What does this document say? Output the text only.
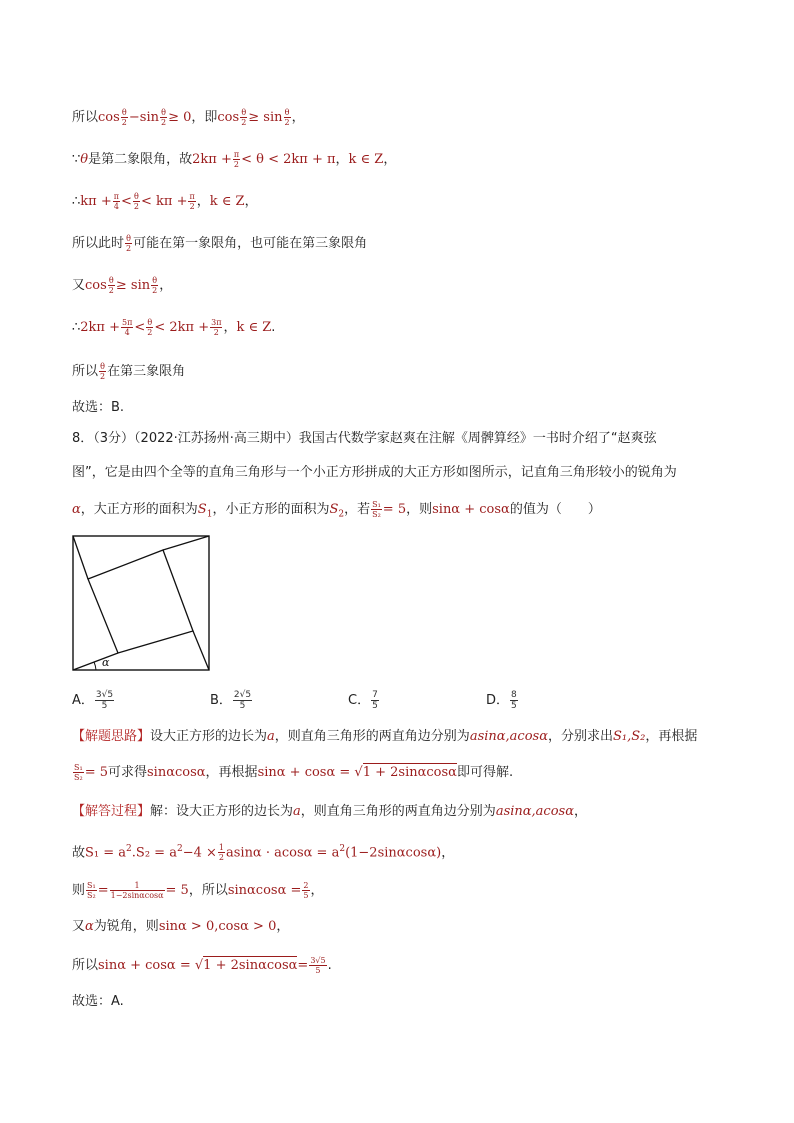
所以$\cos \frac{\theta}{2} -\sin \frac{\theta}{2} \ge 0$，即$\cos \frac{\theta}{2} \ge \sin \frac{\theta}{2}$ ，
∵θ是第二象限角，故$2k\pi + \frac{\pi}{2} < \theta < 2k\pi + \pi$，k ∈ Z，
∴kπ + $\frac{\pi}{4} < \frac{\theta}{2} < k\pi + \frac{\pi}{2}$ ，k ∈ Z，
所以此时 $\frac{\theta}{2}$ 可能在第一象限角，也可能在第三象限角
又$\cos \frac{\theta}{2} \ge \sin \frac{\theta}{2}$ ，
∴2kπ + $\frac{5\pi}{4} < \frac{\theta}{2} < 2k\pi + \frac{3\pi}{2}$ ，k ∈ Z.
所以 $\frac{\theta}{2}$ 在第三象限角
故选：B.
8．（3分）（2022·江苏扬州·高三期中）我国古代数学家赵爽在注解《周髀算经》一书时介绍了“赵爽弦
图”，它是由四个全等的直角三角形与一个小正方形拼成的大正方形如图所示，记直角三角形较小的锐角为
α，大正方形的面积为$S_1$，小正方形的面积为$S_2$，若 $\frac{\text{S₁}}{\text{S₂}} = 5$，则sinα + cosα的值为（　　）
α
A． $\frac{3√5}{5}$	B． $\frac{2√5}{5}$	C． $\frac{7}{5}$	D． $\frac{8}{5}$
【解题思路】设大正方形的边长为a，则直角三角形的两直角边分别为asinα,acosα，分别求出S₁,S₂，再根据
$\frac{\text{S₁}}{\text{S₂}} = 5$可求得sinαcosα，再根据sinα + cosα = √1 + 2sinαcosα即可得解.
【解答过程】解：设大正方形的边长为a，则直角三角形的两直角边分别为asinα,acosα，
故$S_1 = a^2.S_2 = a^2-4 \times \frac{1}{2}$ $asin\alpha \cdot acos\alpha = a^2(1-2\sin\alpha\cos\alpha)$，
则 $\frac{\text{S₁}}{\text{S₂}} = \frac{1}{1-2\sin\alpha\cos\alpha} = 5$，所以$\sin\alpha\cos\alpha = \frac{2}{5}$ ，
又α为锐角，则sinα > 0,cosα > 0，
所以$\sin\alpha + \cos\alpha = √1 + 2\sin\alpha\cos\alpha= \frac{3√5}{5}$ .
故选：A.
